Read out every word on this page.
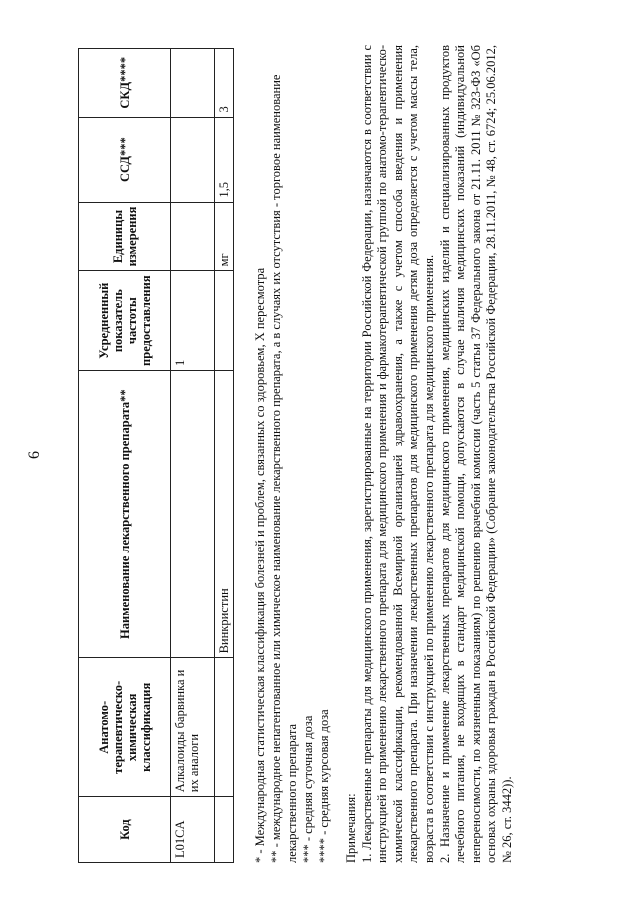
6
Код	Анатомо-терапевтическо-химическая классификация	Наименование лекарственного препарата**	Усредненный показатель частоты предоставления	Единицы измерения	ССД***	СКД****
L01CA	Алкалоиды барвинка и их аналоги		1			
		Винкристин		мг	1,5	3
* - Международная статистическая классификация болезней и проблем, связанных со здоровьем, X пересмотра ** - международное непатентованное или химическое наименование лекарственного препарата, а в случаях их отсутствия - торговое наименование лекарственного препарата *** - средняя суточная доза **** - средняя курсовая доза Примечания: 1. Лекарственные препараты для медицинского применения, зарегистрированные на территории Российской Федерации, назначаются в соответствии с инструкцией по применению лекарственного препарата для медицинского применения и фармакотерапевтической группой по анатомо-терапевтическо-химической классификации, рекомендованной Всемирной организацией здравоохранения, а также с учетом способа введения и применения лекарственного препарата. При назначении лекарственных препаратов для медицинского применения детям доза определяется с учетом массы тела, возраста в соответствии с инструкцией по применению лекарственного препарата для медицинского применения. 2. Назначение и применение лекарственных препаратов для медицинского применения, медицинских изделий и специализированных продуктов лечебного питания, не входящих в стандарт медицинской помощи, допускаются в случае наличия медицинских показаний (индивидуальной непереносимости, по жизненным показаниям) по решению врачебной комиссии (часть 5 статьи 37 Федерального закона от 21.11. 2011 № 323-ФЗ «Об основах охраны здоровья граждан в Российской Федерации» (Собрание законодательства Российской Федерации, 28.11.2011, № 48, ст. 6724; 25.06.2012, № 26, ст. 3442)).
